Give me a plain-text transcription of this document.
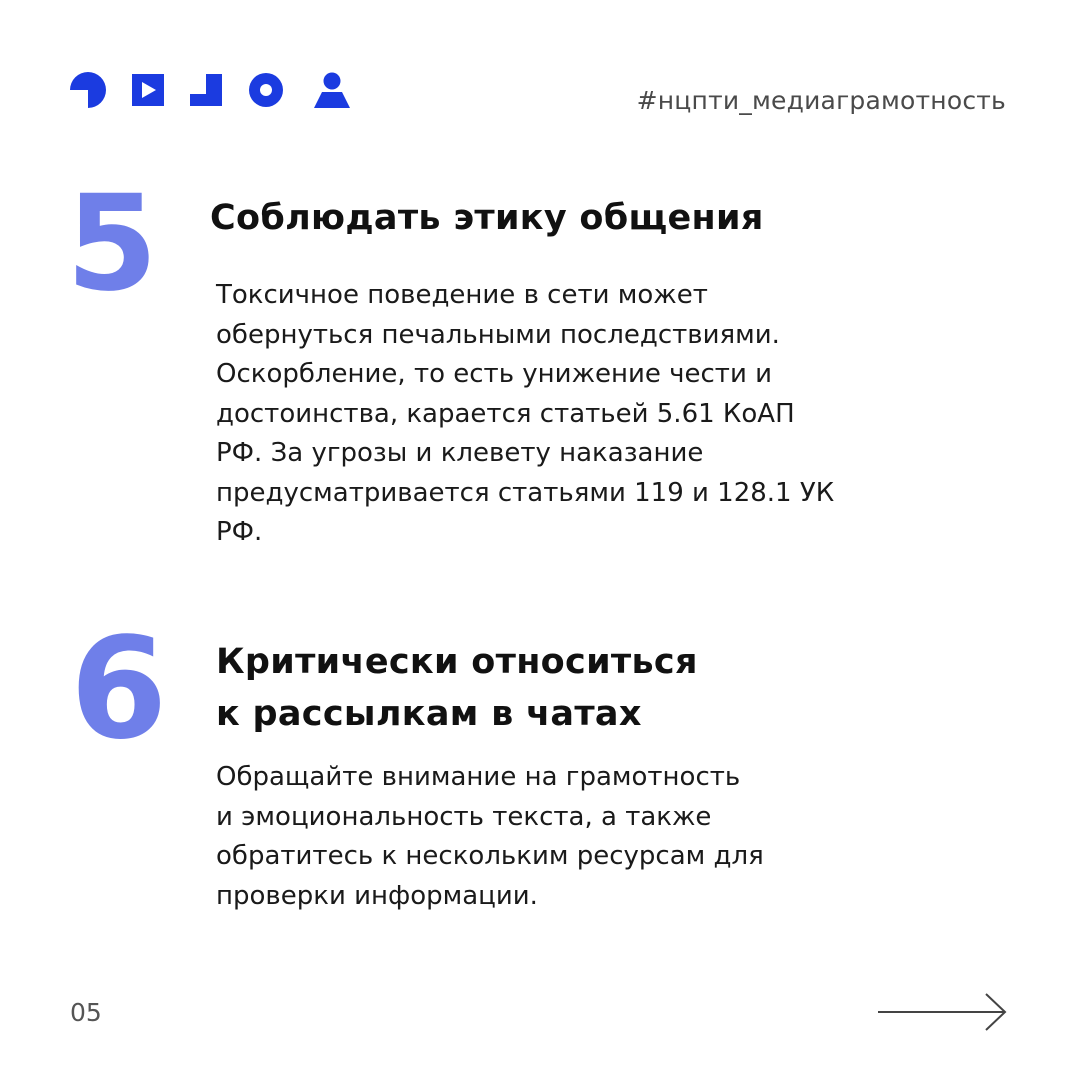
#нцпти_медиаграмотность
5 Соблюдать этику общения
Токсичное поведение в сети может
обернуться печальными последствиями.
Оскорбление, то есть унижение чести и
достоинства, карается статьей 5.61 КоАП
РФ. За угрозы и клевету наказание
предусматривается статьями 119 и 128.1 УК
РФ.
6 Критически относиться
к рассылкам в чатах
Обращайте внимание на грамотность
и эмоциональность текста, а также
обратитесь к нескольким ресурсам для
проверки информации.
05
